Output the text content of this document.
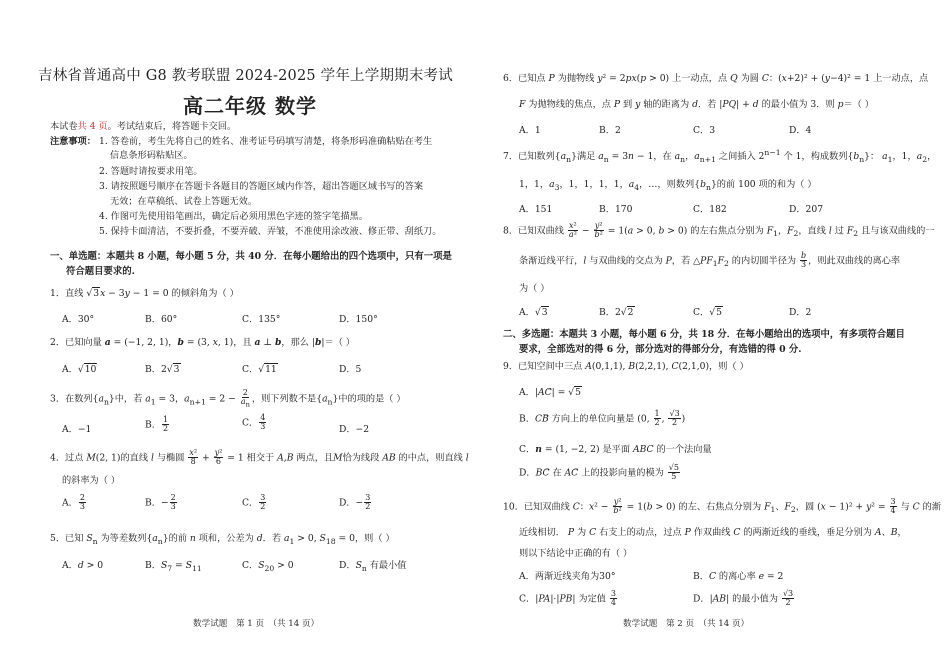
吉林省普通高中 G8 教考联盟 2024-2025 学年上学期期末考试
高二年级 数学
本试卷共 4 页。考试结束后，将答题卡交回。
注意事项： 1. 答卷前，考生先将自己的姓名、准考证号码填写清楚，将条形码准确粘贴在考生
信息条形码粘贴区。
2. 答题时请按要求用笔。
3. 请按照题号顺序在答题卡各题目的答题区域内作答，超出答题区域书写的答案
无效；在草稿纸、试卷上答题无效。
4. 作图可先使用铅笔画出，确定后必须用黑色字迹的签字笔描黑。
5. 保持卡面清洁，不要折叠，不要弄破、弄皱，不准使用涂改液、修正带、刮纸刀。
一、单选题：本题共 8 小题，每小题 5 分，共 40 分．在每小题给出的四个选项中，只有一项是
符合题目要求的.
1．直线 √3x − 3y − 1 = 0 的倾斜角为（ ）
A．30°	B．60°	C．135°	D．150°
2．已知向量 a = (−1, 2, 1)，b = (3, x, 1)，且 a ⊥ b，那么 |b|＝（ ）
A．√10	B．2√3	C．√11	D．5
3．在数列$\{a_n\}$中，若 $a_1 = 3$，$a_{n+1} = 2 - \frac{2}{a_n}$ ，则下列数不是$\{a_n\}$中的项的是（ ）
A．−1	B． $\frac{1}{2}$	C． $\frac{4}{3}$	D．−2
4．过点 M(2, 1)的直线 l 与椭圆 $\frac{\text{x²}}{8} + \frac{\text{y²}}{6} = 1$ 相交于 A,B 两点，且M恰为线段 AB 的中点，则直线 l
的斜率为（ ）
A． $\frac{2}{3}$	B．− $\frac{2}{3}$	C． $\frac{3}{2}$	D．− $\frac{3}{2}$
5．已知 $S_n$ 为等差数列$\{a_n\}$的前 n 项和，公差为 d．若 $a_1 > 0$, $S_{18} = 0$，则（ ）
A．d > 0	B．$S_7 = S_{11}$	C．$S_{20} > 0$	D．$S_n$ 有最小值
数学试题　第 1 页　（共 14 页）
6．已知点 P 为抛物线 y² = 2px(p > 0) 上一动点，点 Q 为圆 C：(x+2)² + (y−4)² = 1 上一动点，点
F 为抛物线的焦点，点 P 到 y 轴的距离为 d．若 |PQ| + d 的最小值为 3．则 p＝（ ）
A．1	B．2	C．3	D．4
7．已知数列$\{a_n\}$满足 $a_n = 3n - 1$，在 $a_n$，$a_{n+1}$ 之间插入 $2^{n-1}$ 个 1，构成数列$\{b_n\}$： $a_1$，1，$a_2$，
1，1，$a_3$，1，1，1，1，$a_4$，…，则数列$\{b_n\}$的前 100 项的和为（ ）
A．151	B．170	C．182	D．207
8．已知双曲线 $\frac{\text{x²}}{\text{a²}} - \frac{\text{y²}}{\text{b²}} = 1(a > 0$, b > 0) 的左右焦点分别为 $F_1$，$F_2$，直线 l 过 $F_2$ 且与该双曲线的一
条渐近线平行，l 与双曲线的交点为 P，若 $\triangle PF_1F_2$ 的内切圆半径为 $\frac{b}{3}$ ，则此双曲线的离心率
为（ ）
A．√3	B．2√2	C．√5	D．2
二、多选题：本题共 3 小题，每小题 6 分，共 18 分．在每小题给出的选项中，有多项符合题目
要求，全部选对的得 6 分，部分选对的得部分分，有选错的得 0 分.
9．已知空间中三点 A(0,1,1), B(2,2,1), C(2,1,0)，则（ ）
A．|AC⃗| = √5
B．CB⃗ 方向上的单位向量是 (0, $\frac{1}{2}$ , $\frac{√3}{2}$ )
C．n = (1, −2, 2) 是平面 ABC 的一个法向量
D．BC⃗ 在 AC⃗ 上的投影向量的模为 $\frac{√5}{5}$
10．已知双曲线 C：$x^2 - \frac{\text{y²}}{\text{b²}} = 1(b > 0)$ 的左、右焦点分别为 $F_1$、$F_2$，圆 $(x - 1)^2 + y^2 = \frac{3}{4}$ 与 C 的渐
近线相切． P 为 C 右支上的动点，过点 P 作双曲线 C 的两渐近线的垂线，垂足分别为 A、B，
则以下结论中正确的有（ ）
A．两渐近线夹角为30°	B．C 的离心率 e = 2
C．|PA|·|PB| 为定值 $\frac{3}{4}$	D．|AB| 的最小值为 $\frac{√3}{2}$
数学试题　第 2 页　（共 14 页）
